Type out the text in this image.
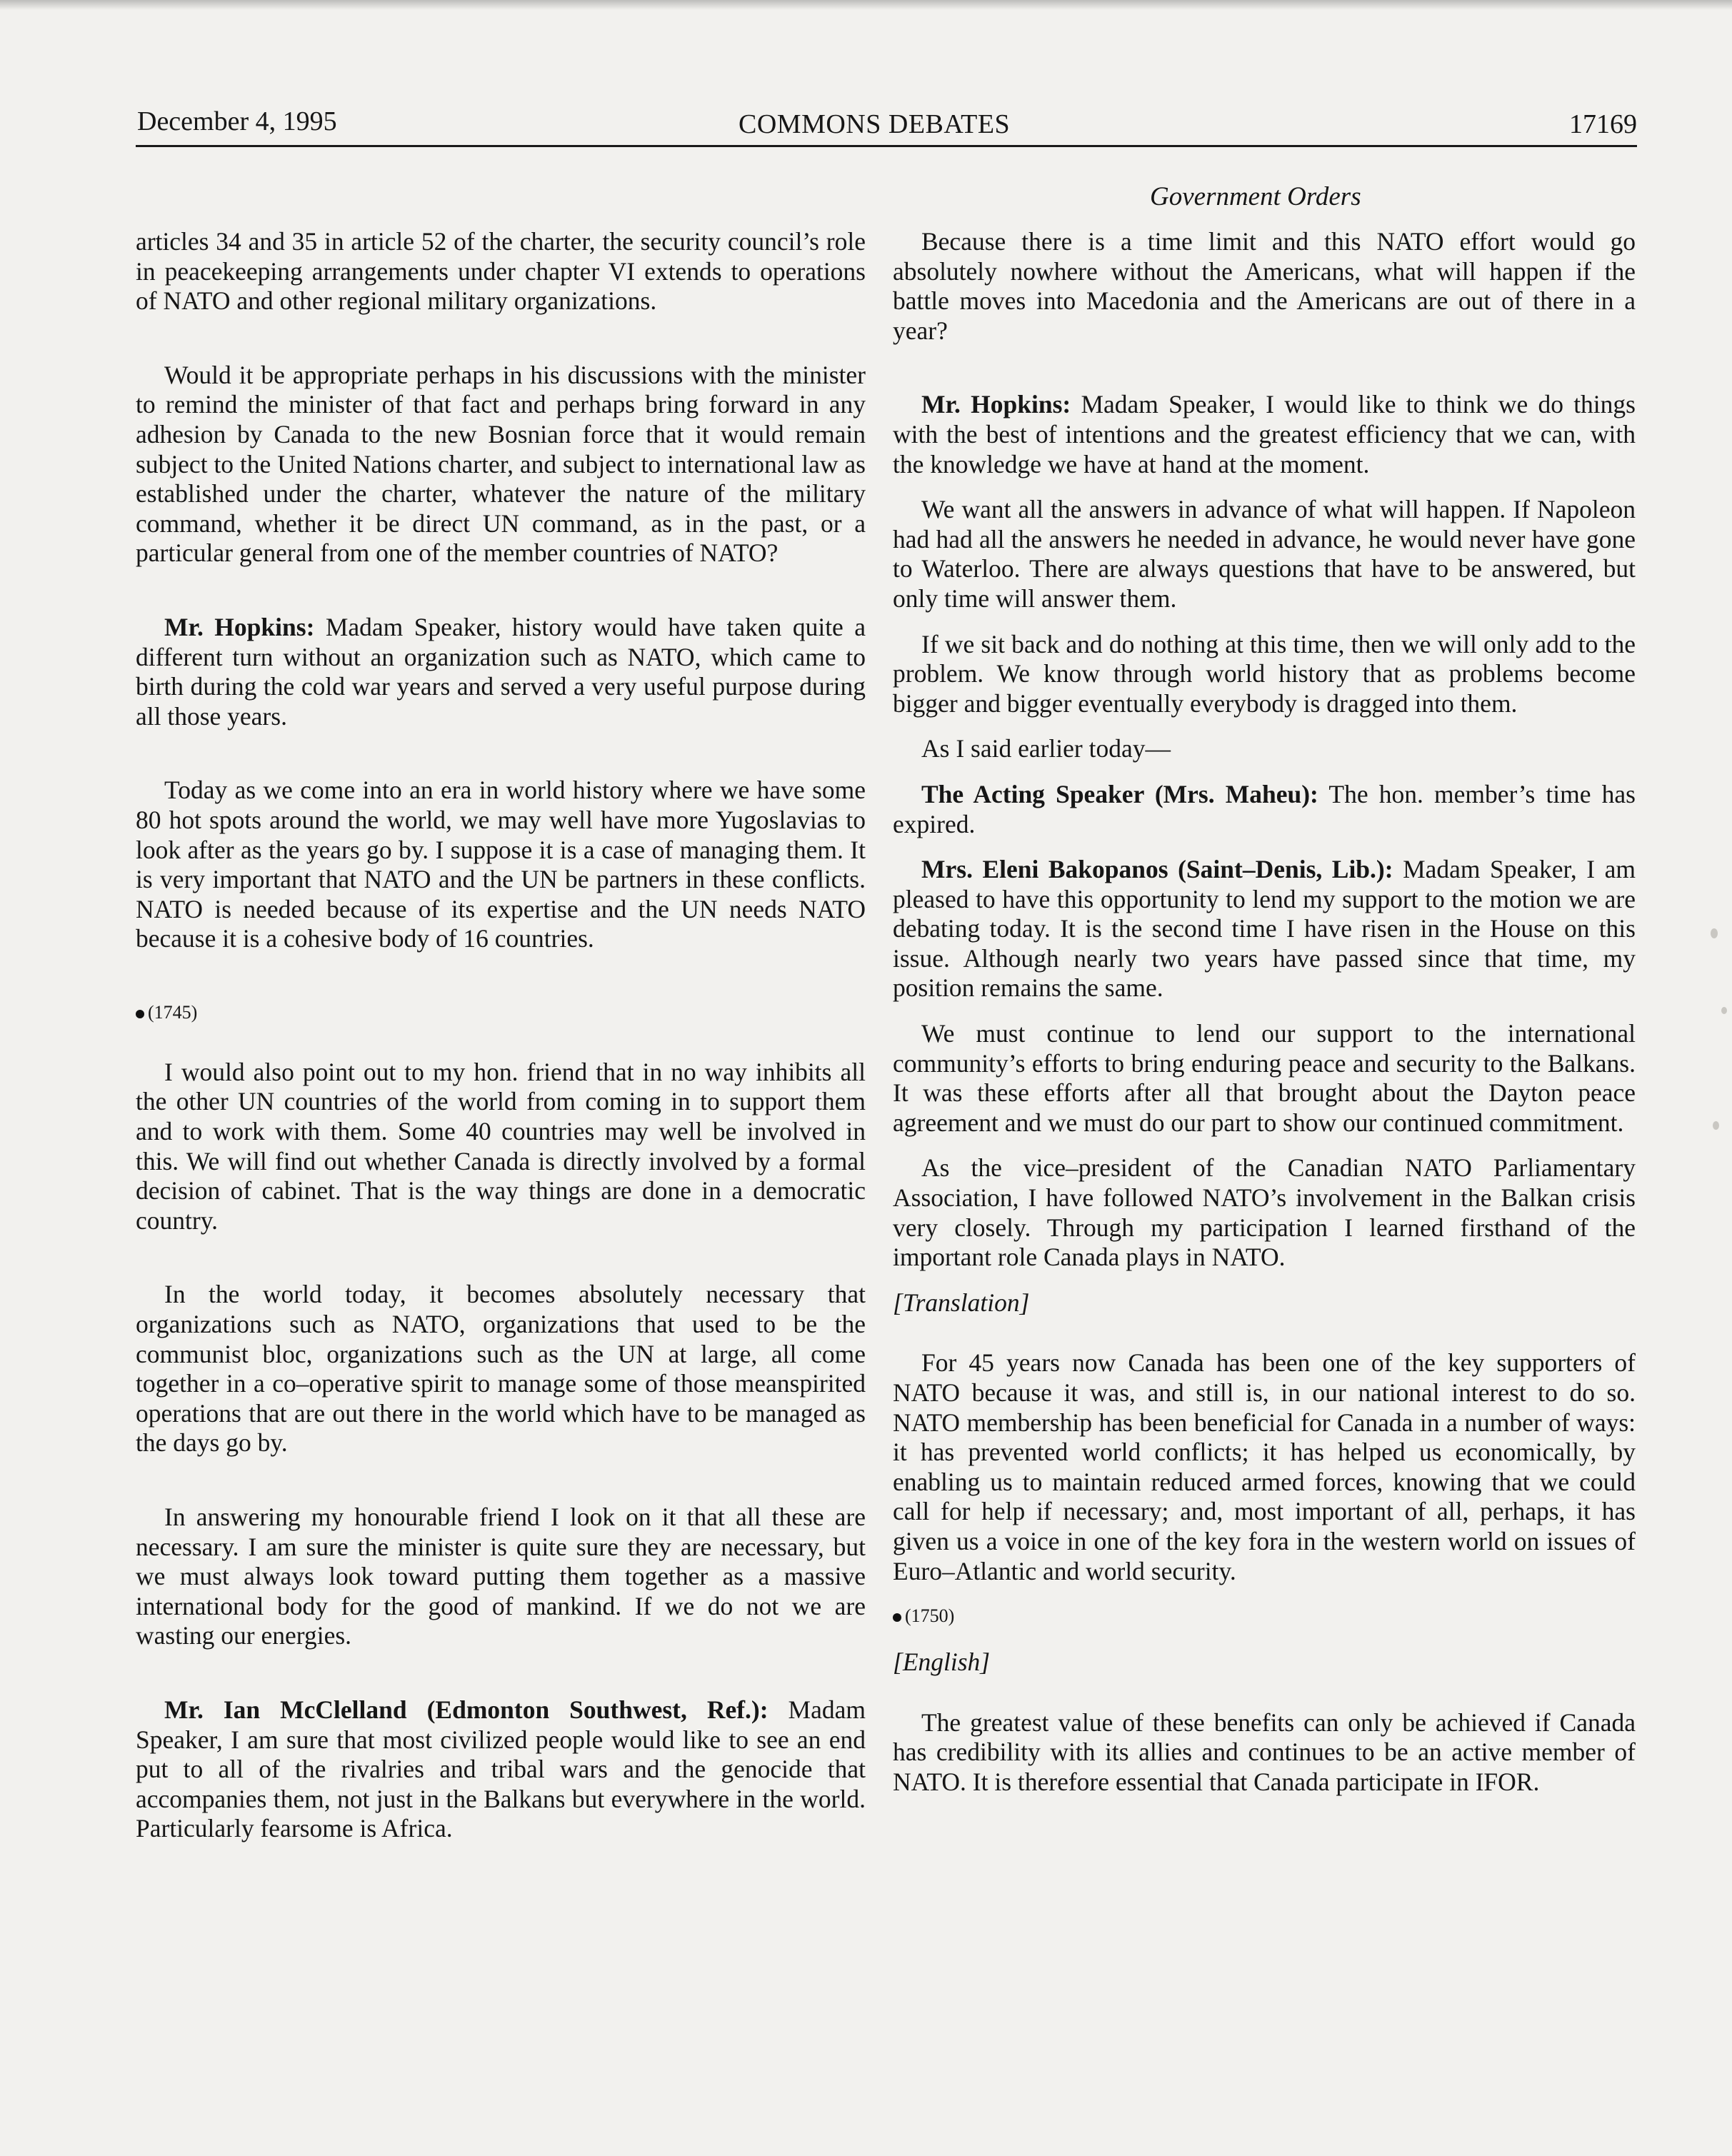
December 4, 1995	COMMONS DEBATES	17169
Government Orders

articles 34 and 35 in article 52 of the charter, the security council’s role in peacekeeping arrangements under chapter VI extends to operations of NATO and other regional military organizations.

Would it be appropriate perhaps in his discussions with the minister to remind the minister of that fact and perhaps bring forward in any adhesion by Canada to the new Bosnian force that it would remain subject to the United Nations charter, and subject to international law as established under the charter, whatever the nature of the military command, whether it be direct UN command, as in the past, or a particular general from one of the member countries of NATO?

Mr. Hopkins: Madam Speaker, history would have taken quite a different turn without an organization such as NATO, which came to birth during the cold war years and served a very useful purpose during all those years.

Today as we come into an era in world history where we have some 80 hot spots around the world, we may well have more Yugoslavias to look after as the years go by. I suppose it is a case of managing them. It is very important that NATO and the UN be partners in these conflicts. NATO is needed because of its expertise and the UN needs NATO because it is a cohesive body of 16 countries.

(1745)

I would also point out to my hon. friend that in no way inhibits all the other UN countries of the world from coming in to support them and to work with them. Some 40 countries may well be involved in this. We will find out whether Canada is directly involved by a formal decision of cabinet. That is the way things are done in a democratic country.

In the world today, it becomes absolutely necessary that organizations such as NATO, organizations that used to be the communist bloc, organizations such as the UN at large, all come together in a co–operative spirit to manage some of those meanspirited operations that are out there in the world which have to be managed as the days go by.

In answering my honourable friend I look on it that all these are necessary. I am sure the minister is quite sure they are necessary, but we must always look toward putting them together as a massive international body for the good of mankind. If we do not we are wasting our energies.

Mr. Ian McClelland (Edmonton Southwest, Ref.): Madam Speaker, I am sure that most civilized people would like to see an end put to all of the rivalries and tribal wars and the genocide that accompanies them, not just in the Balkans but everywhere in the world. Particularly fearsome is Africa.

Because there is a time limit and this NATO effort would go absolutely nowhere without the Americans, what will happen if the battle moves into Macedonia and the Americans are out of there in a year?

Mr. Hopkins: Madam Speaker, I would like to think we do things with the best of intentions and the greatest efficiency that we can, with the knowledge we have at hand at the moment.

We want all the answers in advance of what will happen. If Napoleon had had all the answers he needed in advance, he would never have gone to Waterloo. There are always questions that have to be answered, but only time will answer them.

If we sit back and do nothing at this time, then we will only add to the problem. We know through world history that as problems become bigger and bigger eventually everybody is dragged into them.

As I said earlier today—

The Acting Speaker (Mrs. Maheu): The hon. member’s time has expired.

Mrs. Eleni Bakopanos (Saint–Denis, Lib.): Madam Speaker, I am pleased to have this opportunity to lend my support to the motion we are debating today. It is the second time I have risen in the House on this issue. Although nearly two years have passed since that time, my position remains the same.

We must continue to lend our support to the international community’s efforts to bring enduring peace and security to the Balkans. It was these efforts after all that brought about the Dayton peace agreement and we must do our part to show our continued commitment.

As the vice–president of the Canadian NATO Parliamentary Association, I have followed NATO’s involvement in the Balkan crisis very closely. Through my participation I learned firsthand of the important role Canada plays in NATO.

[Translation]

For 45 years now Canada has been one of the key supporters of NATO because it was, and still is, in our national interest to do so. NATO membership has been beneficial for Canada in a number of ways: it has prevented world conflicts; it has helped us economically, by enabling us to maintain reduced armed forces, knowing that we could call for help if necessary; and, most important of all, perhaps, it has given us a voice in one of the key fora in the western world on issues of Euro–Atlantic and world security.

(1750)

[English]

The greatest value of these benefits can only be achieved if Canada has credibility with its allies and continues to be an active member of NATO. It is therefore essential that Canada participate in IFOR.
